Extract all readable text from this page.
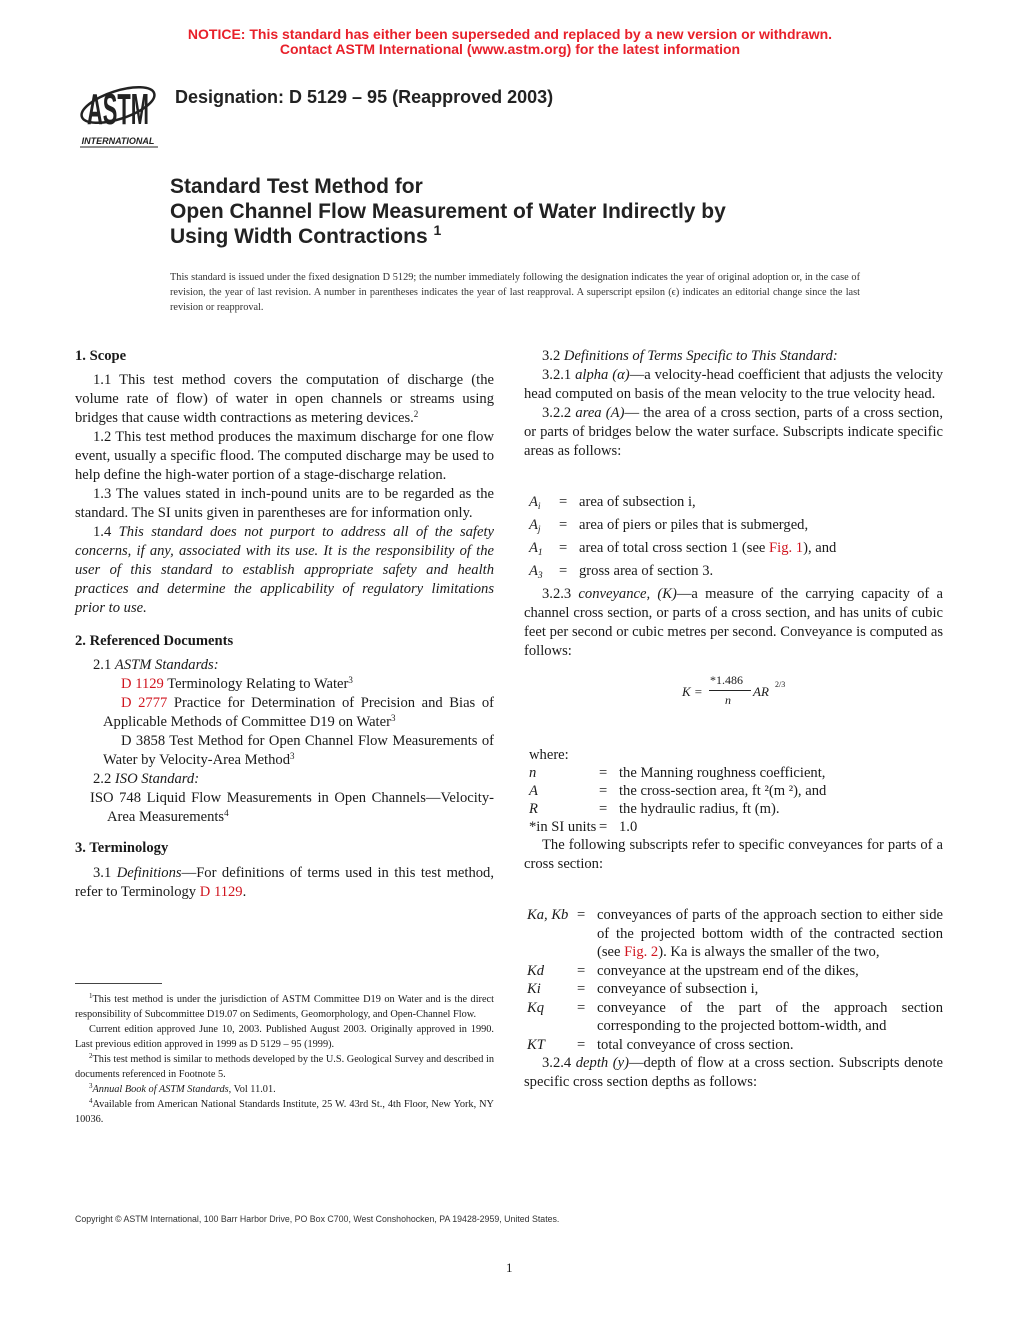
NOTICE: This standard has either been superseded and replaced by a new version or withdrawn.
Contact ASTM International (www.astm.org) for the latest information
ASTM
INTERNATIONAL
Designation: D 5129 – 95 (Reapproved 2003)
Standard Test Method for
Open Channel Flow Measurement of Water Indirectly by
Using Width Contractions $^1$
This standard is issued under the fixed designation D 5129; the number immediately following the designation indicates the year of original adoption or, in the case of revision, the year of last revision. A number in parentheses indicates the year of last reapproval. A superscript epsilon (ϵ) indicates an editorial change since the last revision or reapproval.
1. Scope

1.1 This test method covers the computation of discharge (the volume rate of flow) of water in open channels or streams using bridges that cause width contractions as metering devices.$^2$

1.2 This test method produces the maximum discharge for one flow event, usually a specific flood. The computed discharge may be used to help define the high-water portion of a stage-discharge relation.

1.3 The values stated in inch-pound units are to be regarded as the standard. The SI units given in parentheses are for information only.

1.4 This standard does not purport to address all of the safety concerns, if any, associated with its use. It is the responsibility of the user of this standard to establish appropriate safety and health practices and determine the applicability of regulatory limitations prior to use.

2. Referenced Documents

2.1 ASTM Standards:

D 1129 Terminology Relating to Water$^3$

D 2777 Practice for Determination of Precision and Bias of Applicable Methods of Committee D19 on Water$^3$

D 3858 Test Method for Open Channel Flow Measurements of Water by Velocity-Area Method$^3$

2.2 ISO Standard:

ISO 748 Liquid Flow Measurements in Open Channels—Velocity-Area Measurements$^4$

3. Terminology

3.1 Definitions—For definitions of terms used in this test method, refer to Terminology D 1129.

$^1$This test method is under the jurisdiction of ASTM Committee D19 on Water and is the direct responsibility of Subcommittee D19.07 on Sediments, Geomorphology, and Open-Channel Flow.

Current edition approved June 10, 2003. Published August 2003. Originally approved in 1990. Last previous edition approved in 1999 as D 5129 – 95 (1999).

$^2$This test method is similar to methods developed by the U.S. Geological Survey and described in documents referenced in Footnote 5.

$^3$Annual Book of ASTM Standards, Vol 11.01.

$^4$Available from American National Standards Institute, 25 W. 43rd St., 4th Floor, New York, NY 10036.

3.2 Definitions of Terms Specific to This Standard:

3.2.1 alpha (α)—a velocity-head coefficient that adjusts the velocity head computed on basis of the mean velocity to the true velocity head.

3.2.2 area (A)— the area of a cross section, parts of a cross section, or parts of bridges below the water surface. Subscripts indicate specific areas as follows:

$A_i$	= area of subsection i,
$A_j$	= area of piers or piles that is submerged,
$A_1$	= area of total cross section 1 (see Fig. 1), and
$A_3$	= gross area of section 3.

3.2.3 conveyance, (K)—a measure of the carrying capacity of a channel cross section, or parts of a cross section, and has units of cubic feet per second or cubic metres per second. Conveyance is computed as follows:

K =
*1.486
n
AR 2/3
where:
n	= the Manning roughness coefficient,
A	= the cross-section area, ft ²(m ²), and
R	= the hydraulic radius, ft (m).
*in SI units = 1.0

The following subscripts refer to specific conveyances for parts of a cross section:

Ka, Kb = conveyances of parts of the approach section to either side of the projected bottom width of the contracted section (see Fig. 2). Ka is always the smaller of the two,
Kd	= conveyance at the upstream end of the dikes,
Ki	= conveyance of subsection i,
Kq	= conveyance of the part of the approach section corresponding to the projected bottom-width, and
KT	= total conveyance of cross section.

3.2.4 depth (y)—depth of flow at a cross section. Subscripts denote specific cross section depths as follows:

Copyright © ASTM International, 100 Barr Harbor Drive, PO Box C700, West Conshohocken, PA 19428-2959, United States.
1
